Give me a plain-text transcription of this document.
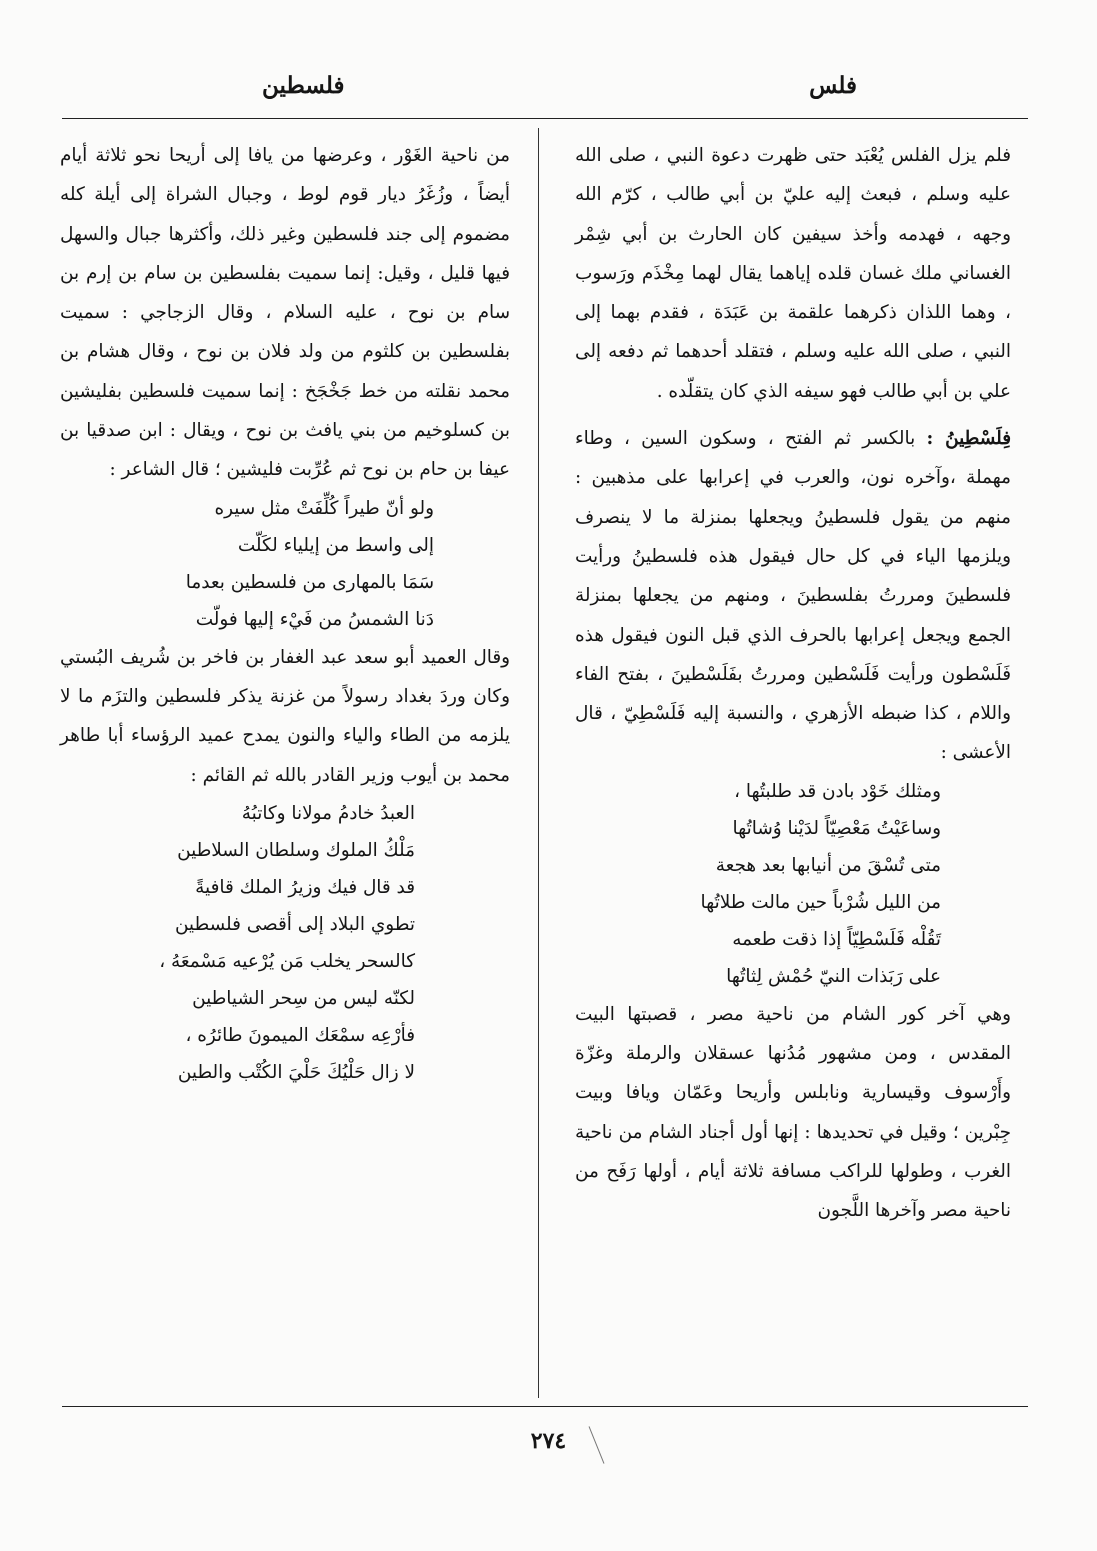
فلس
فلسطين

فلم يزل الفلس يُعْبَد حتى ظهرت دعوة النبي ، صلى الله عليه وسلم ، فبعث إليه عليّ بن أبي طالب ، كرّم الله وجهه ، فهدمه وأخذ سيفين كان الحارث بن أبي شِمْر الغساني ملك غسان قلده إياهما يقال لهما مِخْذَم ورَسوب ، وهما اللذان ذكرهما علقمة بن عَبَدَة ، فقدم بهما إلى النبي ، صلى الله عليه وسلم ، فتقلد أحدهما ثم دفعه إلى علي بن أبي طالب فهو سيفه الذي كان يتقلّده .

فِلَسْطِينُ : بالكسر ثم الفتح ، وسكون السين ، وطاء مهملة ،وآخره نون، والعرب في إعرابها على مذهبين : منهم من يقول فلسطينُ ويجعلها بمنزلة ما لا ينصرف ويلزمها الياء في كل حال فيقول هذه فلسطينُ ورأيت فلسطينَ ومررتُ بفلسطينَ ، ومنهم من يجعلها بمنزلة الجمع ويجعل إعرابها بالحرف الذي قبل النون فيقول هذه فَلَسْطون ورأيت فَلَسْطين ومررتُ بفَلَسْطينَ ، بفتح الفاء واللام ، كذا ضبطه الأزهري ، والنسبة إليه فَلَسْطِيّ ، قال الأعشى :

ومثلك خَوْد بادن قد طلبتُها ،
وساعَيْتُ مَعْصِيّاً لدَيْنا وُشاتُها
متى تُسْقَ من أنيابها بعد هجعة
من الليل شُرْباً حين مالت طلاتُها
تَقُلْه فَلَسْطِيّاً إذا ذقت طعمه
على رَبَذات النيّ حُمْش لِثاتُها

وهي آخر كور الشام من ناحية مصر ، قصبتها البيت المقدس ، ومن مشهور مُدُنها عسقلان والرملة وغزّة وأَرْسوف وقيسارية ونابلس وأريحا وعَمّان ويافا وبيت جِبْرين ؛ وقيل في تحديدها : إنها أول أجناد الشام من ناحية الغرب ، وطولها للراكب مسافة ثلاثة أيام ، أولها رَفَح من ناحية مصر وآخرها اللَّجون

من ناحية الغَوْر ، وعرضها من يافا إلى أريحا نحو ثلاثة أيام أيضاً ، وزُغَرُ ديار قوم لوط ، وجبال الشراة إلى أيلة كله مضموم إلى جند فلسطين وغير ذلك، وأكثرها جبال والسهل فيها قليل ، وقيل: إنما سميت بفلسطين بن سام بن إرم بن سام بن نوح ، عليه السلام ، وقال الزجاجي : سميت بفلسطين بن كلثوم من ولد فلان بن نوح ، وقال هشام بن محمد نقلته من خط جَخْجَخ : إنما سميت فلسطين بفليشين بن كسلوخيم من بني يافث بن نوح ، ويقال : ابن صدقيا بن عيفا بن حام بن نوح ثم عُرِّبت فليشين ؛ قال الشاعر :

ولو أنّ طيراً كُلِّفَتْ مثل سيره
إلى واسط من إيلياء لكَلّت
سَمَا بالمهارى من فلسطين بعدما
دَنا الشمسُ من فَيْء إليها فولّت

وقال العميد أبو سعد عبد الغفار بن فاخر بن شُريف البُستي وكان وردَ بغداد رسولاً من غزنة يذكر فلسطين والتزَم ما لا يلزمه من الطاء والياء والنون يمدح عميد الرؤساء أبا طاهر محمد بن أيوب وزير القادر بالله ثم القائم :

العبدُ خادمُ مولانا وكاتبُهُ
مَلْكُ الملوك وسلطان السلاطين
قد قال فيك وزيرُ الملك قافيةً
تطوي البلاد إلى أقصى فلسطين
كالسحر يخلب مَن يُرْعيه مَسْمعَهُ ،
لكنّه ليس من سِحر الشياطين
فأرْعِه سمْعَك الميمونَ طائرُه ،
لا زال حَلْيُكَ حَلْيَ الكُتْب والطين
٢٧٤
